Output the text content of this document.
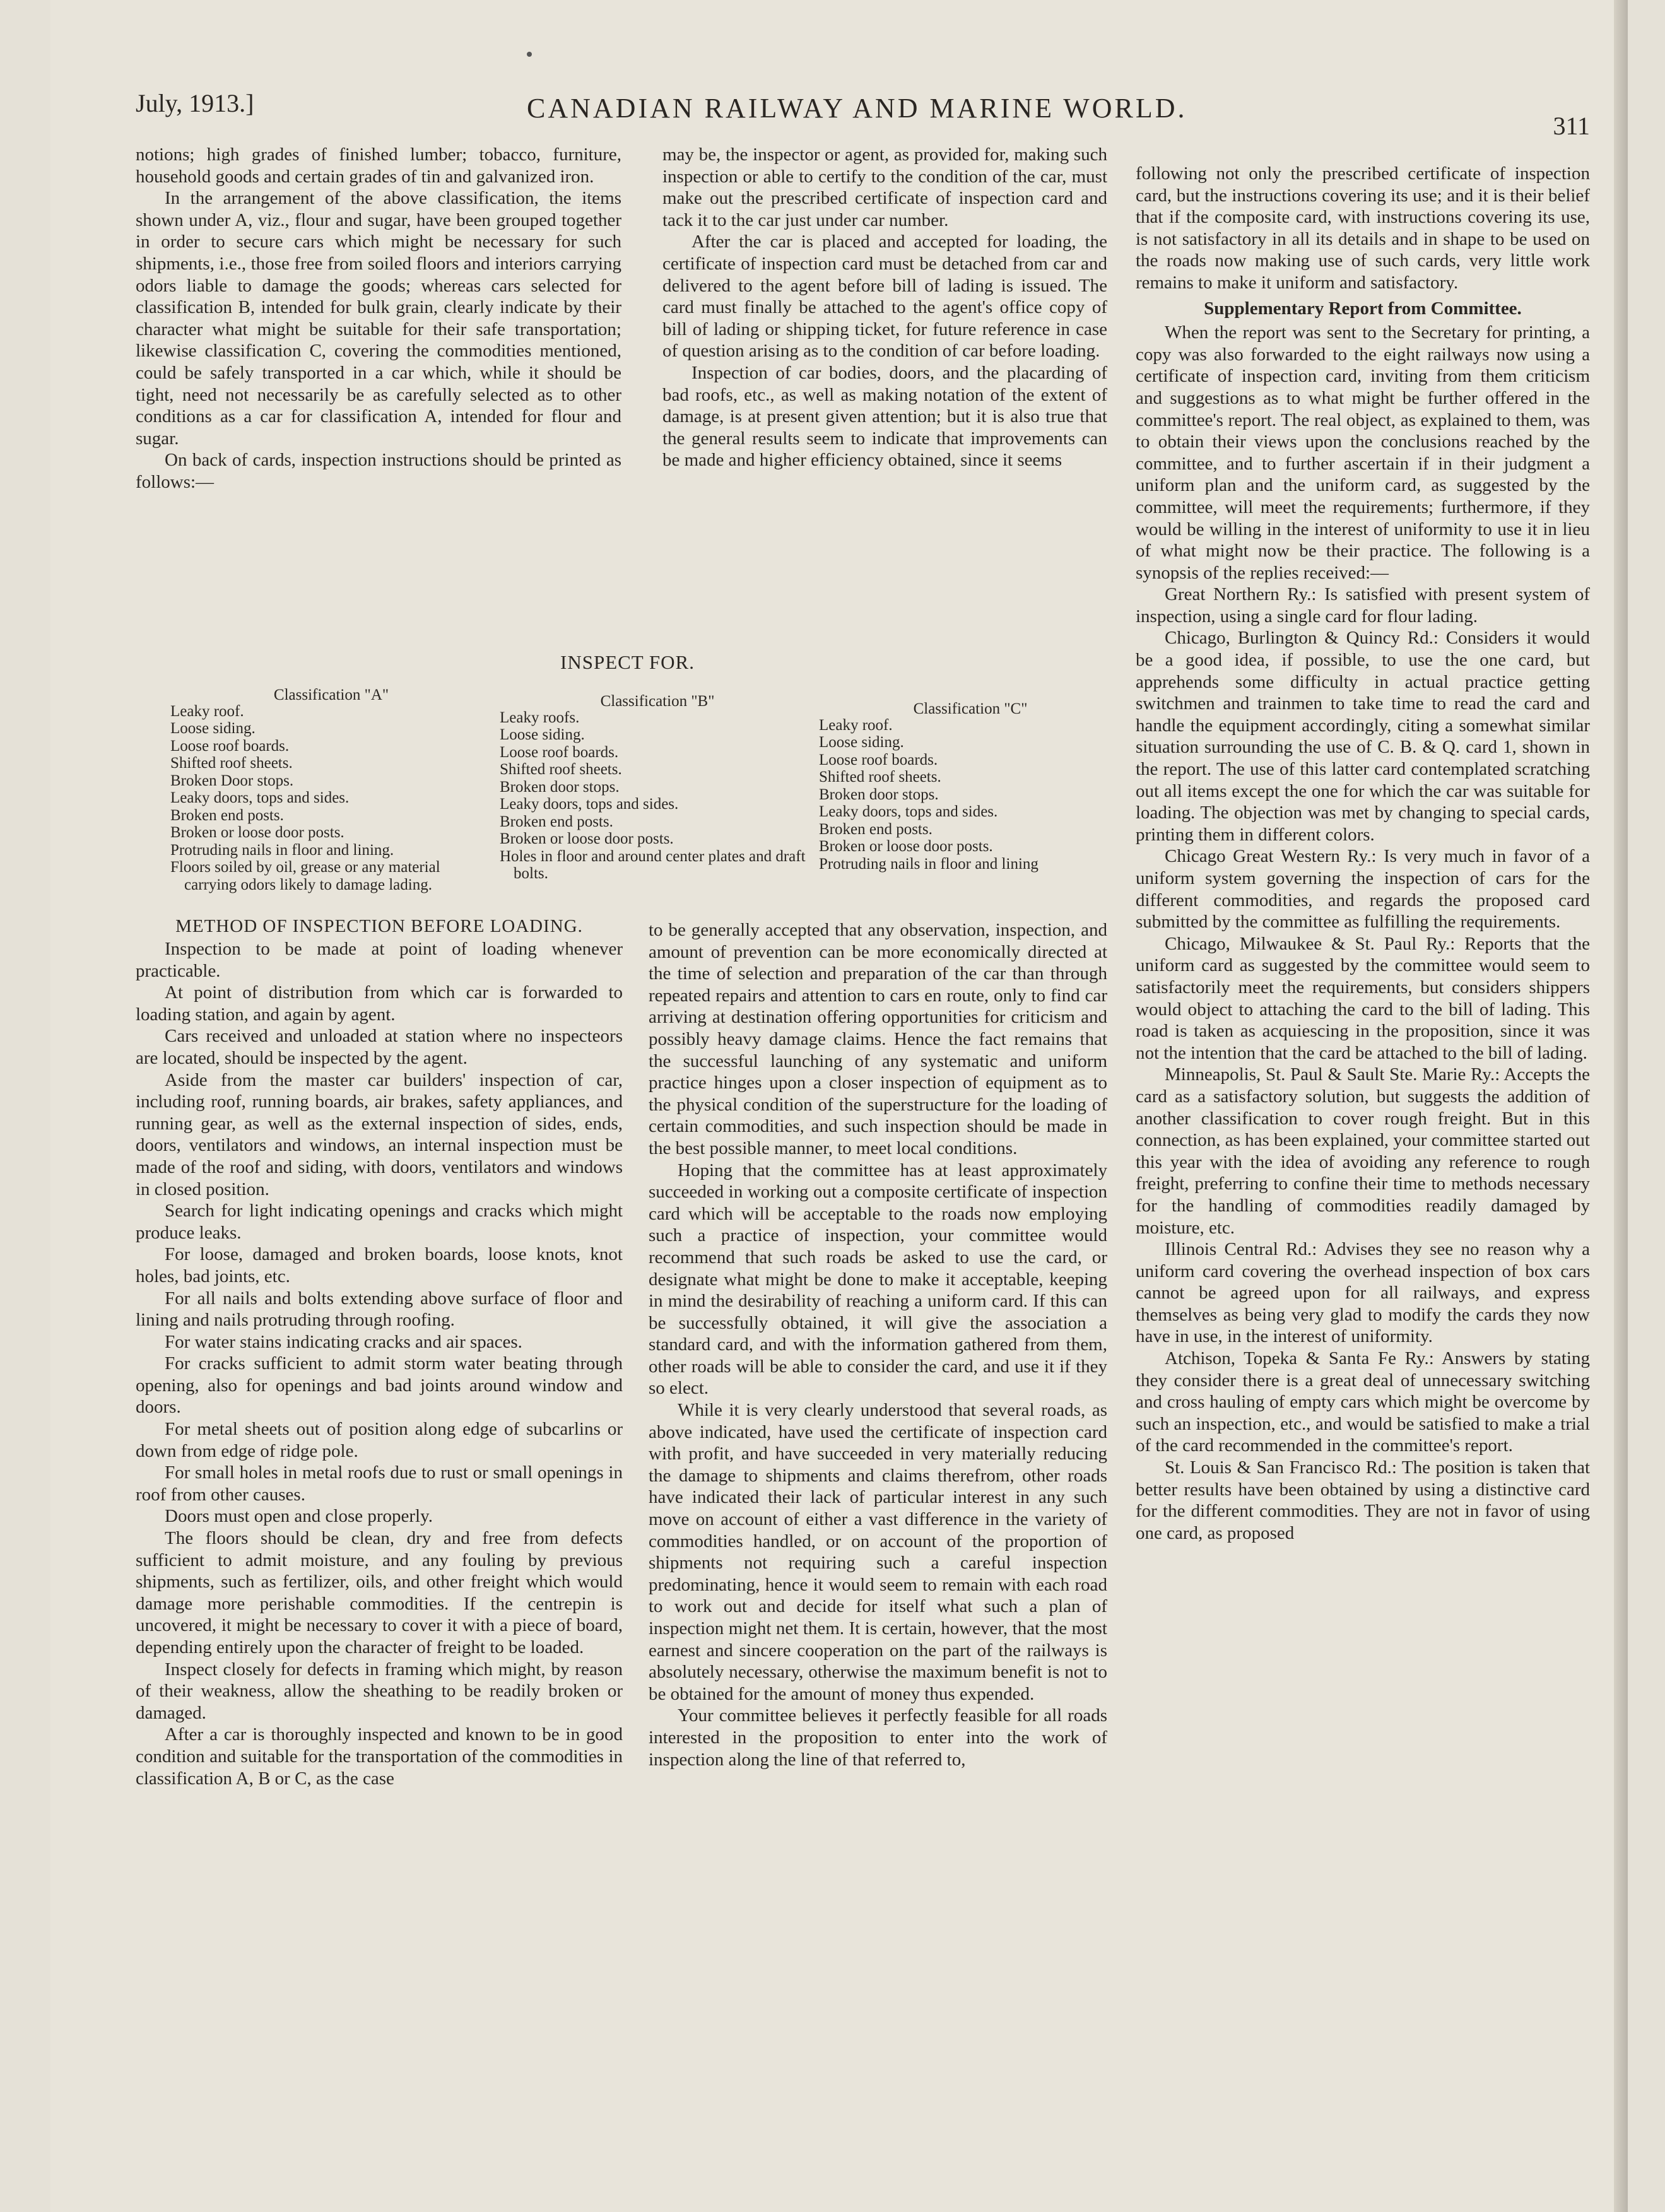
July, 1913.]	CANADIAN RAILWAY AND MARINE WORLD.
311

notions; high grades of finished lumber; tobacco, furniture, household goods and certain grades of tin and galvanized iron.

In the arrangement of the above classification, the items shown under A, viz., flour and sugar, have been grouped together in order to secure cars which might be necessary for such shipments, i.e., those free from soiled floors and interiors carrying odors liable to damage the goods; whereas cars selected for classification B, intended for bulk grain, clearly indicate by their character what might be suitable for their safe transportation; likewise classification C, covering the commodities mentioned, could be safely transported in a car which, while it should be tight, need not necessarily be as carefully selected as to other conditions as a car for classification A, intended for flour and sugar.

On back of cards, inspection instructions should be printed as follows:—

may be, the inspector or agent, as provided for, making such inspection or able to certify to the condition of the car, must make out the prescribed certificate of inspection card and tack it to the car just under car number.

After the car is placed and accepted for loading, the certificate of inspection card must be detached from car and delivered to the agent before bill of lading is issued. The card must finally be attached to the agent's office copy of bill of lading or shipping ticket, for future reference in case of question arising as to the condition of car before loading.

Inspection of car bodies, doors, and the placarding of bad roofs, etc., as well as making notation of the extent of damage, is at present given attention; but it is also true that the general results seem to indicate that improvements can be made and higher efficiency obtained, since it seems

INSPECT FOR.
Classification "A"
Leaky roof.
Loose siding.
Loose roof boards.
Shifted roof sheets.
Broken Door stops.
Leaky doors, tops and sides.
Broken end posts.
Broken or loose door posts.
Protruding nails in floor and lining.
Floors soiled by oil, grease or any material carrying odors likely to damage lading.
Classification "B"
Leaky roofs.
Loose siding.
Loose roof boards.
Shifted roof sheets.
Broken door stops.
Leaky doors, tops and sides.
Broken end posts.
Broken or loose door posts.
Holes in floor and around center plates and draft bolts.
Classification "C"
Leaky roof.
Loose siding.
Loose roof boards.
Shifted roof sheets.
Broken door stops.
Leaky doors, tops and sides.
Broken end posts.
Broken or loose door posts.
Protruding nails in floor and lining
METHOD OF INSPECTION BEFORE LOADING.

Inspection to be made at point of loading whenever practicable.

At point of distribution from which car is forwarded to loading station, and again by agent.

Cars received and unloaded at station where no inspecteors are located, should be inspected by the agent.

Aside from the master car builders' inspection of car, including roof, running boards, air brakes, safety appliances, and running gear, as well as the external inspection of sides, ends, doors, ventilators and windows, an internal inspection must be made of the roof and siding, with doors, ventilators and windows in closed position.

Search for light indicating openings and cracks which might produce leaks.

For loose, damaged and broken boards, loose knots, knot holes, bad joints, etc.

For all nails and bolts extending above surface of floor and lining and nails protruding through roofing.

For water stains indicating cracks and air spaces.

For cracks sufficient to admit storm water beating through opening, also for openings and bad joints around window and doors.

For metal sheets out of position along edge of subcarlins or down from edge of ridge pole.

For small holes in metal roofs due to rust or small openings in roof from other causes.

Doors must open and close properly.

The floors should be clean, dry and free from defects sufficient to admit moisture, and any fouling by previous shipments, such as fertilizer, oils, and other freight which would damage more perishable commodities. If the centrepin is uncovered, it might be necessary to cover it with a piece of board, depending entirely upon the character of freight to be loaded.

Inspect closely for defects in framing which might, by reason of their weakness, allow the sheathing to be readily broken or damaged.

After a car is thoroughly inspected and known to be in good condition and suitable for the transportation of the commodities in classification A, B or C, as the case

to be generally accepted that any observation, inspection, and amount of prevention can be more economically directed at the time of selection and preparation of the car than through repeated repairs and attention to cars en route, only to find car arriving at destination offering opportunities for criticism and possibly heavy damage claims. Hence the fact remains that the successful launching of any systematic and uniform practice hinges upon a closer inspection of equipment as to the physical condition of the superstructure for the loading of certain commodities, and such inspection should be made in the best possible manner, to meet local conditions.

Hoping that the committee has at least approximately succeeded in working out a composite certificate of inspection card which will be acceptable to the roads now employing such a practice of inspection, your committee would recommend that such roads be asked to use the card, or designate what might be done to make it acceptable, keeping in mind the desirability of reaching a uniform card. If this can be successfully obtained, it will give the association a standard card, and with the information gathered from them, other roads will be able to consider the card, and use it if they so elect.

While it is very clearly understood that several roads, as above indicated, have used the certificate of inspection card with profit, and have succeeded in very materially reducing the damage to shipments and claims therefrom, other roads have indicated their lack of particular interest in any such move on account of either a vast difference in the variety of commodities handled, or on account of the proportion of shipments not requiring such a careful inspection predominating, hence it would seem to remain with each road to work out and decide for itself what such a plan of inspection might net them. It is certain, however, that the most earnest and sincere cooperation on the part of the railways is absolutely necessary, otherwise the maximum benefit is not to be obtained for the amount of money thus expended.

Your committee believes it perfectly feasible for all roads interested in the proposition to enter into the work of inspection along the line of that referred to,

following not only the prescribed certificate of inspection card, but the instructions covering its use; and it is their belief that if the composite card, with instructions covering its use, is not satisfactory in all its details and in shape to be used on the roads now making use of such cards, very little work remains to make it uniform and satisfactory.

Supplementary Report from Committee.

When the report was sent to the Secretary for printing, a copy was also forwarded to the eight railways now using a certificate of inspection card, inviting from them criticism and suggestions as to what might be further offered in the committee's report. The real object, as explained to them, was to obtain their views upon the conclusions reached by the committee, and to further ascertain if in their judgment a uniform plan and the uniform card, as suggested by the committee, will meet the requirements; furthermore, if they would be willing in the interest of uniformity to use it in lieu of what might now be their practice. The following is a synopsis of the replies received:—

Great Northern Ry.: Is satisfied with present system of inspection, using a single card for flour lading.

Chicago, Burlington & Quincy Rd.: Considers it would be a good idea, if possible, to use the one card, but apprehends some difficulty in actual practice getting switchmen and trainmen to take time to read the card and handle the equipment accordingly, citing a somewhat similar situation surrounding the use of C. B. & Q. card 1, shown in the report. The use of this latter card contemplated scratching out all items except the one for which the car was suitable for loading. The objection was met by changing to special cards, printing them in different colors.

Chicago Great Western Ry.: Is very much in favor of a uniform system governing the inspection of cars for the different commodities, and regards the proposed card submitted by the committee as fulfilling the requirements.

Chicago, Milwaukee & St. Paul Ry.: Reports that the uniform card as suggested by the committee would seem to satisfactorily meet the requirements, but considers shippers would object to attaching the card to the bill of lading. This road is taken as acquiescing in the proposition, since it was not the intention that the card be attached to the bill of lading.

Minneapolis, St. Paul & Sault Ste. Marie Ry.: Accepts the card as a satisfactory solution, but suggests the addition of another classification to cover rough freight. But in this connection, as has been explained, your committee started out this year with the idea of avoiding any reference to rough freight, preferring to confine their time to methods necessary for the handling of commodities readily damaged by moisture, etc.

Illinois Central Rd.: Advises they see no reason why a uniform card covering the overhead inspection of box cars cannot be agreed upon for all railways, and express themselves as being very glad to modify the cards they now have in use, in the interest of uniformity.

Atchison, Topeka & Santa Fe Ry.: Answers by stating they consider there is a great deal of unnecessary switching and cross hauling of empty cars which might be overcome by such an inspection, etc., and would be satisfied to make a trial of the card recommended in the committee's report.

St. Louis & San Francisco Rd.: The position is taken that better results have been obtained by using a distinctive card for the different commodities. They are not in favor of using one card, as proposed
